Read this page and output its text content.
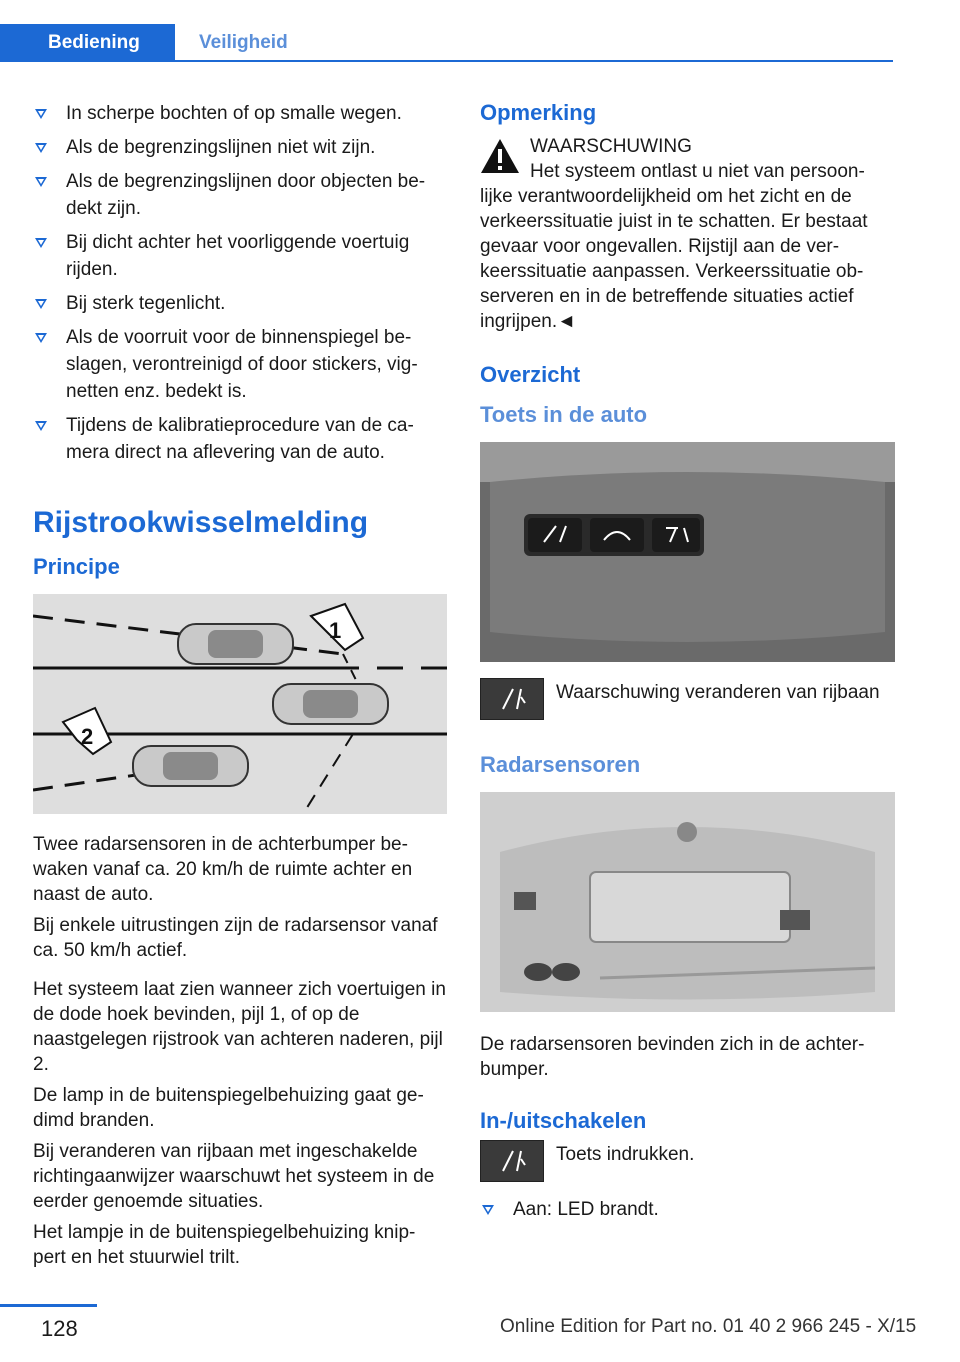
Bediening	Veiligheid
In scherpe bochten of op smalle wegen.
Als de begrenzingslijnen niet wit zijn.
Als de begrenzingslijnen door objecten be-dekt zijn.
Bij dicht achter het voorliggende voertuig rijden.
Bij sterk tegenlicht.
Als de voorruit voor de binnenspiegel be-slagen, verontreinigd of door stickers, vig-netten enz. bedekt is.
Tijdens de kalibratieprocedure van de ca-mera direct na aflevering van de auto.
Rijstrookwisselmelding
Principe
1
2

Twee radarsensoren in de achterbumper be-waken vanaf ca. 20 km/h de ruimte achter en naast de auto.

Bij enkele uitrustingen zijn de radarsensor vanaf ca. 50 km/h actief.

Het systeem laat zien wanneer zich voertuigen in de dode hoek bevinden, pijl 1, of op de naastgelegen rijstrook van achteren naderen, pijl 2.

De lamp in de buitenspiegelbehuizing gaat ge-dimd branden.

Bij veranderen van rijbaan met ingeschakelde richtingaanwijzer waarschuwt het systeem in de eerder genoemde situaties.

Het lampje in de buitenspiegelbehuizing knip-pert en het stuurwiel trilt.

Opmerking
WAARSCHUWING
Het systeem ontlast u niet van persoon-
lijke verantwoordelijkheid om het zicht en de verkeerssituatie juist in te schatten. Er bestaat gevaar voor ongevallen. Rijstijl aan de ver-keerssituatie aanpassen. Verkeerssituatie ob-serveren en in de betreffende situaties actief ingrijpen.◄
Overzicht
Toets in de auto
Waarschuwing veranderen van rijbaan
Radarsensoren

De radarsensoren bevinden zich in de achter-bumper.

In-/uitschakelen
Toets indrukken.
Aan: LED brandt.
128	Online Edition for Part no. 01 40 2 966 245 - X/15
